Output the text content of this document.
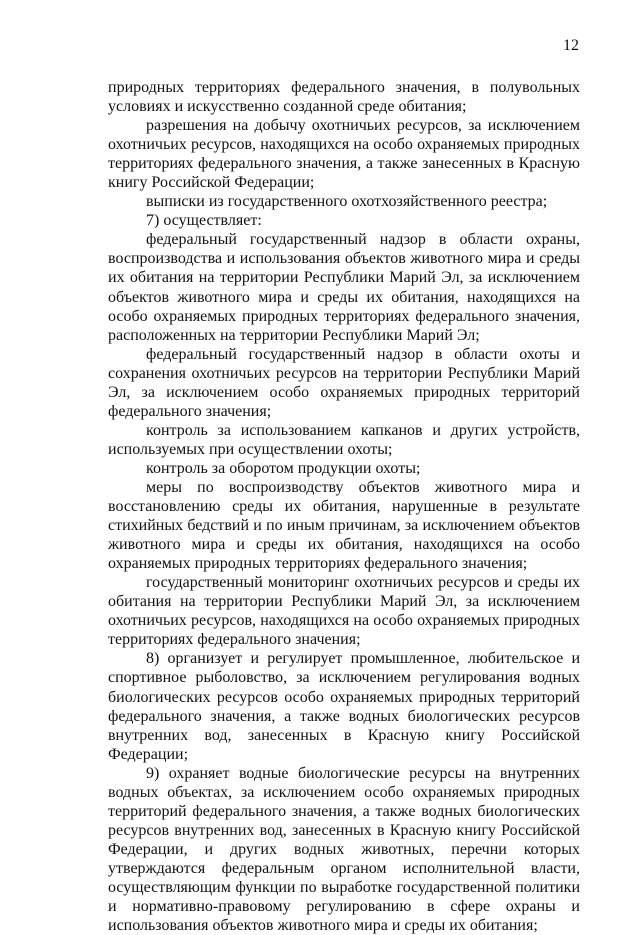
12

природных территориях федерального значения, в полувольных условиях и искусственно созданной среде обитания;

разрешения на добычу охотничьих ресурсов, за исключением охотничьих ресурсов, находящихся на особо охраняемых природных территориях федерального значения, а также занесенных в Красную книгу Российской Федерации;

выписки из государственного охотхозяйственного реестра;

7) осуществляет:

федеральный государственный надзор в области охраны, воспроизводства и использования объектов животного мира и среды их обитания на территории Республики Марий Эл, за исключением объектов животного мира и среды их обитания, находящихся на особо охраняемых природных территориях федерального значения, расположенных на территории Республики Марий Эл;

федеральный государственный надзор в области охоты и сохранения охотничьих ресурсов на территории Республики Марий Эл, за исключением особо охраняемых природных территорий федерального значения;

контроль за использованием капканов и других устройств, используемых при осуществлении охоты;

контроль за оборотом продукции охоты;

меры по воспроизводству объектов животного мира и восстановлению среды их обитания, нарушенные в результате стихийных бедствий и по иным причинам, за исключением объектов животного мира и среды их обитания, находящихся на особо охраняемых природных территориях федерального значения;

государственный мониторинг охотничьих ресурсов и среды их обитания на территории Республики Марий Эл, за исключением охотничьих ресурсов, находящихся на особо охраняемых природных территориях федерального значения;

8) организует и регулирует промышленное, любительское и спортивное рыболовство, за исключением регулирования водных биологических ресурсов особо охраняемых природных территорий федерального значения, а также водных биологических ресурсов внутренних вод, занесенных в Красную книгу Российской Федерации;

9) охраняет водные биологические ресурсы на внутренних водных объектах, за исключением особо охраняемых природных территорий федерального значения, а также водных биологических ресурсов внутренних вод, занесенных в Красную книгу Российской Федерации, и других водных животных, перечни которых утверждаются федеральным органом исполнительной власти, осуществляющим функции по выработке государственной политики и нормативно-правовому регулированию в сфере охраны и использования объектов животного мира и среды их обитания;
